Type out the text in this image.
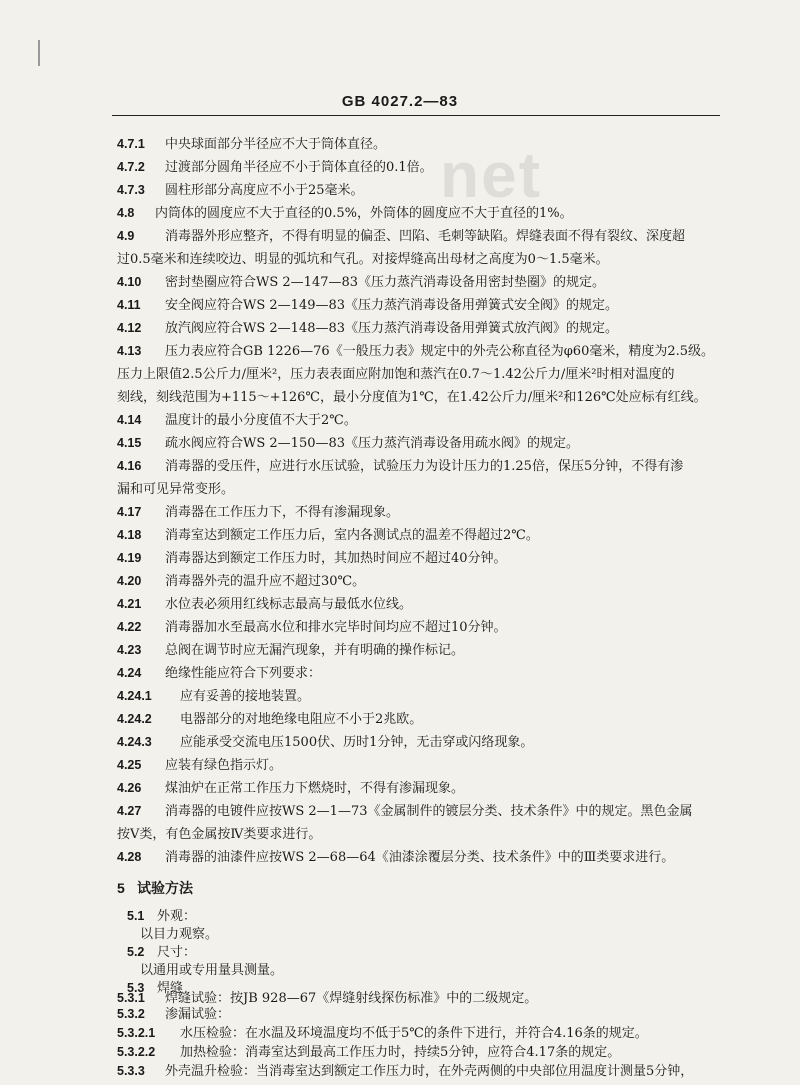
GB 4027.2—83
net
4.7.1 中央球面部分半径应不大于筒体直径。
4.7.2 过渡部分圆角半径应不小于筒体直径的0.1倍。
4.7.3 圆柱形部分高度应不小于25毫米。
4.8 内筒体的圆度应不大于直径的0.5%，外筒体的圆度应不大于直径的1%。
4.9 消毒器外形应整齐，不得有明显的偏歪、凹陷、毛刺等缺陷。焊缝表面不得有裂纹、深度超
过0.5毫米和连续咬边、明显的弧坑和气孔。对接焊缝高出母材之高度为0～1.5毫米。
4.10 密封垫圈应符合WS 2—147—83《压力蒸汽消毒设备用密封垫圈》的规定。
4.11 安全阀应符合WS 2—149—83《压力蒸汽消毒设备用弹簧式安全阀》的规定。
4.12 放汽阀应符合WS 2—148—83《压力蒸汽消毒设备用弹簧式放汽阀》的规定。
4.13 压力表应符合GB 1226—76《一般压力表》规定中的外壳公称直径为φ60毫米，精度为2.5级。
压力上限值2.5公斤力/厘米²，压力表表面应附加饱和蒸汽在0.7～1.42公斤力/厘米²时相对温度的
刻线，刻线范围为+115～+126℃，最小分度值为1℃，在1.42公斤力/厘米²和126℃处应标有红线。
4.14 温度计的最小分度值不大于2℃。
4.15 疏水阀应符合WS 2—150—83《压力蒸汽消毒设备用疏水阀》的规定。
4.16 消毒器的受压件，应进行水压试验，试验压力为设计压力的1.25倍，保压5分钟，不得有渗
漏和可见异常变形。
4.17 消毒器在工作压力下，不得有渗漏现象。
4.18 消毒室达到额定工作压力后，室内各测试点的温差不得超过2℃。
4.19 消毒器达到额定工作压力时，其加热时间应不超过40分钟。
4.20 消毒器外壳的温升应不超过30℃。
4.21 水位表必须用红线标志最高与最低水位线。
4.22 消毒器加水至最高水位和排水完毕时间均应不超过10分钟。
4.23 总阀在调节时应无漏汽现象，并有明确的操作标记。
4.24 绝缘性能应符合下列要求：
4.24.1 应有妥善的接地装置。
4.24.2 电器部分的对地绝缘电阻应不小于2兆欧。
4.24.3 应能承受交流电压1500伏、历时1分钟，无击穿或闪络现象。
4.25 应装有绿色指示灯。
4.26 煤油炉在正常工作压力下燃烧时，不得有渗漏现象。
4.27 消毒器的电镀件应按WS 2—1—73《金属制件的镀层分类、技术条件》中的规定。黑色金属
按V类，有色金属按Ⅳ类要求进行。
4.28 消毒器的油漆件应按WS 2—68—64《油漆涂覆层分类、技术条件》中的Ⅲ类要求进行。
5 试验方法
5.1 外观：
以目力观察。
5.2 尺寸：
以通用或专用量具测量。
5.3 焊缝
5.3.1 焊缝试验：按JB 928—67《焊缝射线探伤标准》中的二级规定。
5.3.2 渗漏试验：
5.3.2.1 水压检验：在水温及环境温度均不低于5℃的条件下进行，并符合4.16条的规定。
5.3.2.2 加热检验：消毒室达到最高工作压力时，持续5分钟，应符合4.17条的规定。
5.3.3 外壳温升检验：当消毒室达到额定工作压力时，在外壳两侧的中央部位用温度计测量5分钟，
